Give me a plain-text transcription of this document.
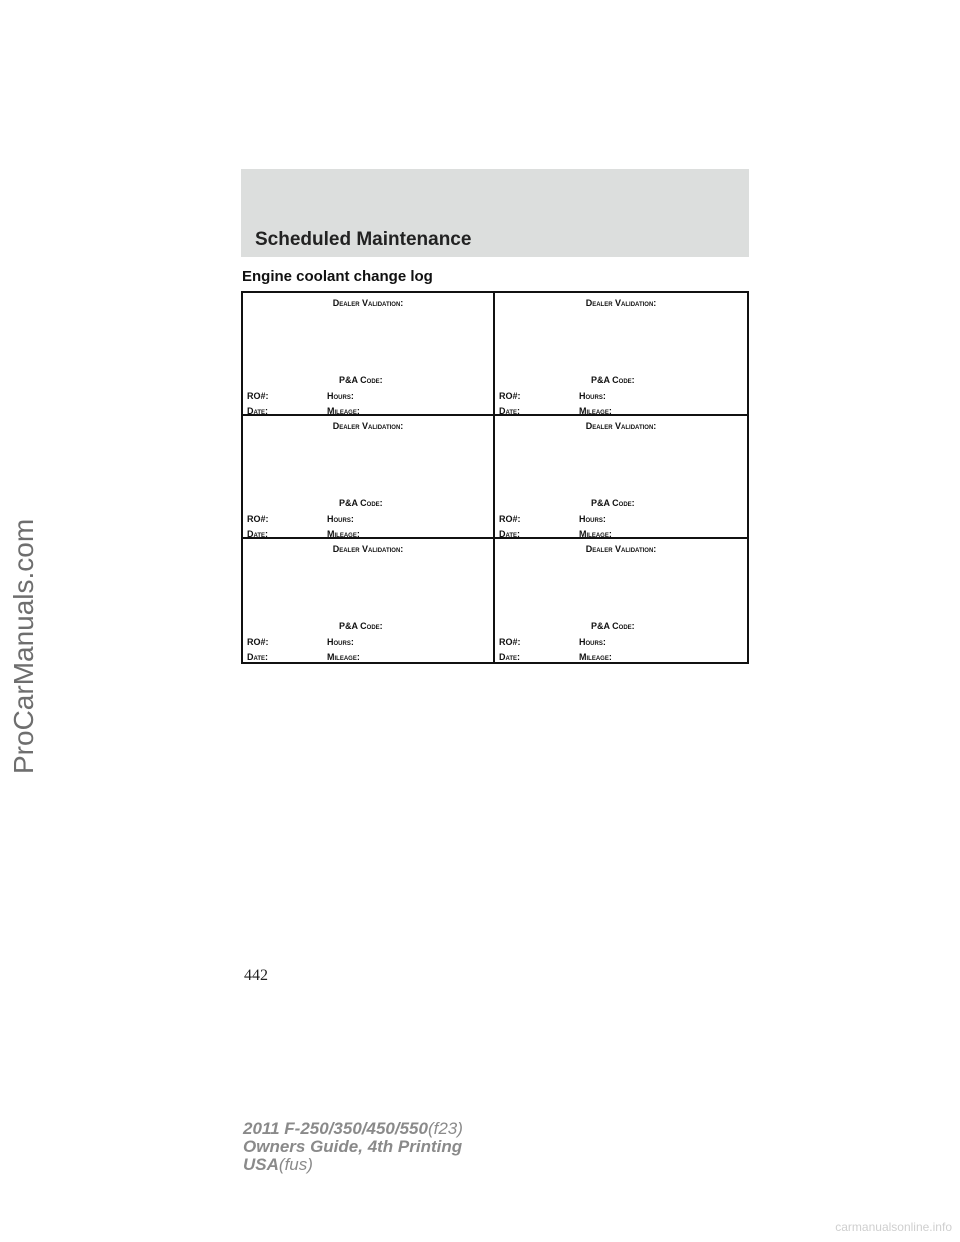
Scheduled Maintenance
Engine coolant change log
Dealer Validation:
P&A Code:
RO#:	Hours:
Date:	Mileage:
Dealer Validation:
P&A Code:
RO#:	Hours:
Date:	Mileage:
Dealer Validation:
P&A Code:
RO#:	Hours:
Date:	Mileage:
Dealer Validation:
P&A Code:
RO#:	Hours:
Date:	Mileage:
Dealer Validation:
P&A Code:
RO#:	Hours:
Date:	Mileage:
Dealer Validation:
P&A Code:
RO#:	Hours:
Date:	Mileage:
442
2011 F-250/350/450/550(f23)
Owners Guide, 4th Printing
USA(fus)
ProCarManuals.com
carmanualsonline.info
